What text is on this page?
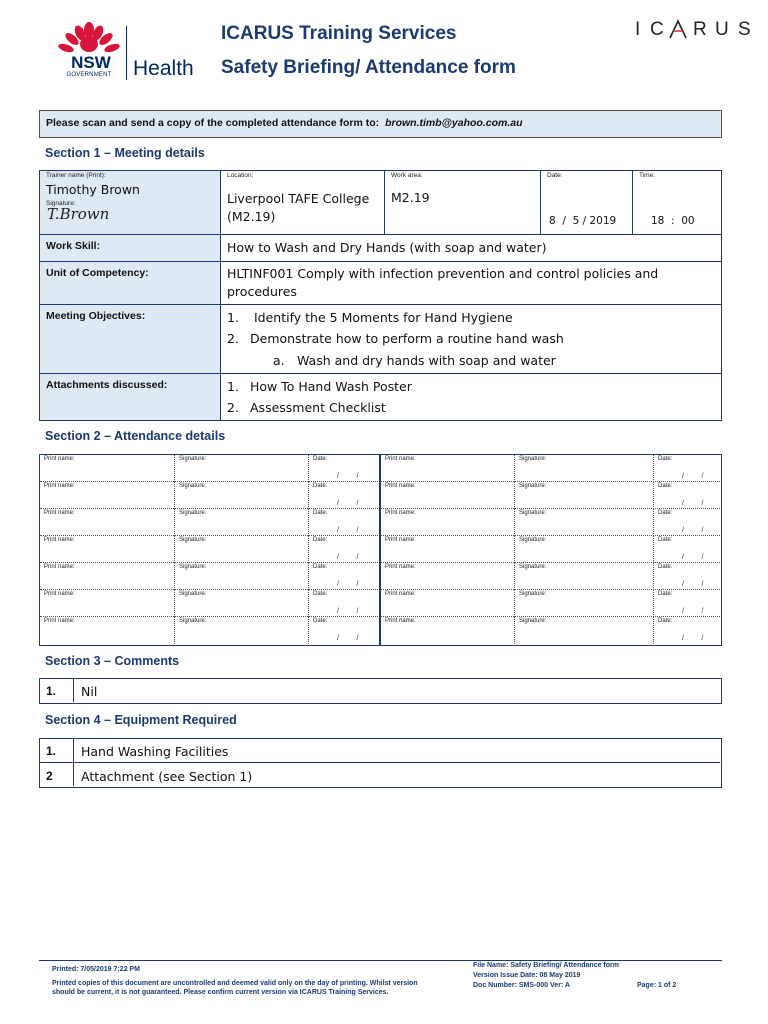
NSW
GOVERNMENT	Health
ICARUS Training Services
Safety Briefing/ Attendance form
I C R U S
Please scan and send a copy of the completed attendance form to: brown.timb@yahoo.com.au
Section 1 – Meeting details
Trainer name (Print):
Timothy Brown
Signature:
T.Brown
Location:
Liverpool TAFE College (M2.19)
Work area:
M2.19
Date:
8  /  5 / 2019
Time:
18  :  00
Work Skill:	How to Wash and Dry Hands (with soap and water)
Unit of Competency:	HLTINF001 Comply with infection prevention and control policies and
procedures
Meeting Objectives:	1. Identify the 5 Moments for Hand Hygiene
2. Demonstrate how to perform a routine hand wash
a. Wash and dry hands with soap and water
Attachments discussed:	1. How To Hand Wash Poster
2. Assessment Checklist
Section 2 – Attendance details
Print name:	Signature:	Date:
/         /
Print name:	Signature:	Date:
/         /
Print name:	Signature:	Date:
/         /
Print name:	Signature:	Date:
/         /
Print name:	Signature:	Date:
/         /
Print name:	Signature:	Date:
/         /
Print name:	Signature:	Date:
/         /
Print name:	Signature:	Date:
/         /
Print name:	Signature:	Date:
/         /
Print name:	Signature:	Date:
/         /
Print name:	Signature:	Date:
/         /
Print name:	Signature:	Date:
/         /
Print name:	Signature:	Date:
/         /
Print name:	Signature:	Date:
/         /
Section 3 – Comments
1. Nil
Section 4 – Equipment Required
1. Hand Washing Facilities
2 Attachment (see Section 1)
Printed: 7/05/2019 7:22 PM
Printed copies of this document are uncontrolled and deemed valid only on the day of printing. Whilst version
should be current, it is not guaranteed. Please confirm current version via ICARUS Training Services.
File Name: Safety Briefing/ Attendance form
Version Issue Date: 08 May 2019
Doc Number: SMS-000 Ver: A	Page: 1 of 2
